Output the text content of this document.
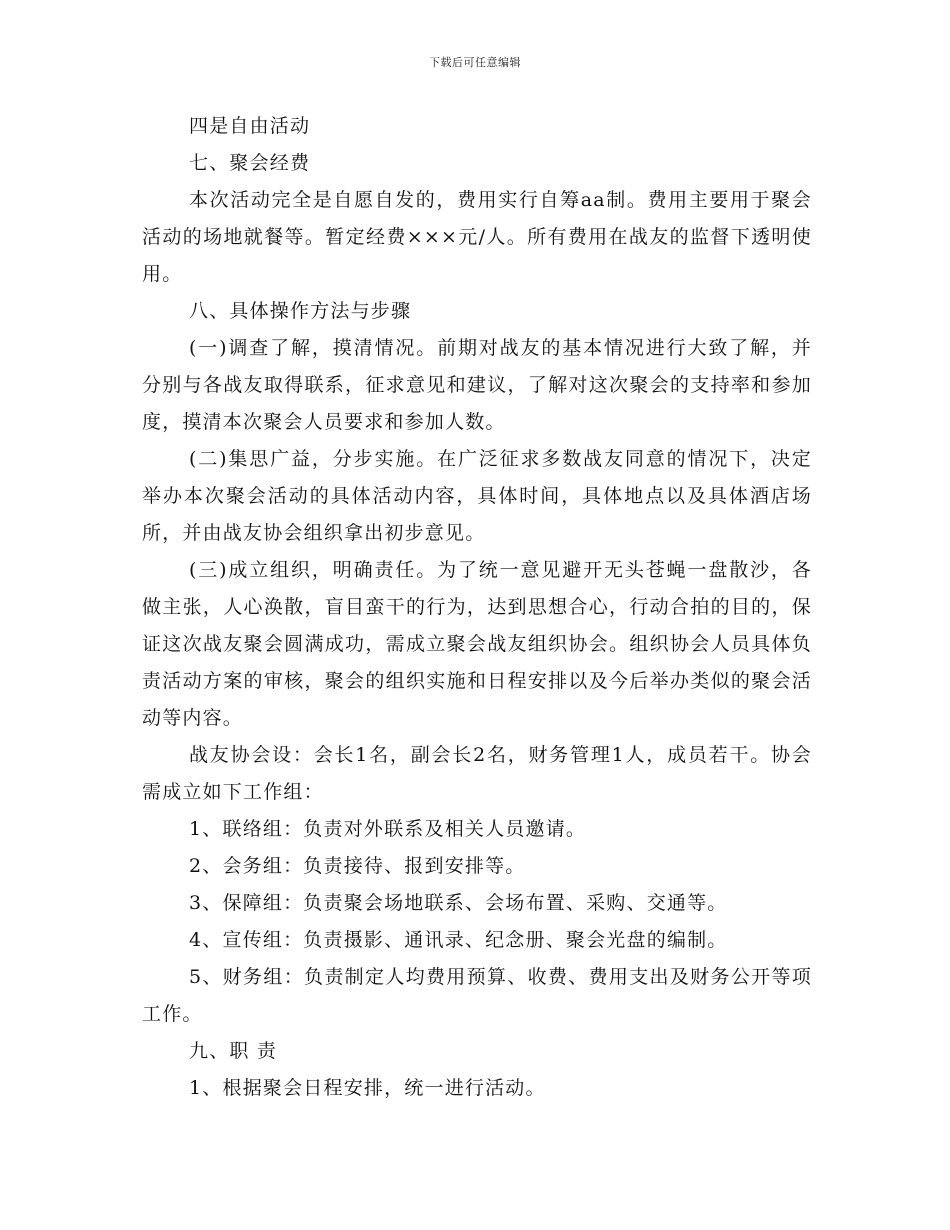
下载后可任意编辑

四是自由活动

七、聚会经费

本次活动完全是自愿自发的，费用实行自筹aa制。费用主要用于聚会活动的场地就餐等。暂定经费×××元/人。所有费用在战友的监督下透明使用。

八、具体操作方法与步骤

(一)调查了解，摸清情况。前期对战友的基本情况进行大致了解，并分别与各战友取得联系，征求意见和建议，了解对这次聚会的支持率和参加度，摸清本次聚会人员要求和参加人数。

(二)集思广益，分步实施。在广泛征求多数战友同意的情况下，决定举办本次聚会活动的具体活动内容，具体时间，具体地点以及具体酒店场所，并由战友协会组织拿出初步意见。

(三)成立组织，明确责任。为了统一意见避开无头苍蝇一盘散沙，各做主张，人心涣散，盲目蛮干的行为，达到思想合心，行动合拍的目的，保证这次战友聚会圆满成功，需成立聚会战友组织协会。组织协会人员具体负责活动方案的审核，聚会的组织实施和日程安排以及今后举办类似的聚会活动等内容。

战友协会设：会长1名，副会长2名，财务管理1人，成员若干。协会需成立如下工作组：

1、联络组：负责对外联系及相关人员邀请。

2、会务组：负责接待、报到安排等。

3、保障组：负责聚会场地联系、会场布置、采购、交通等。

4、宣传组：负责摄影、通讯录、纪念册、聚会光盘的编制。

5、财务组：负责制定人均费用预算、收费、费用支出及财务公开等项工作。

九、职 责

1、根据聚会日程安排，统一进行活动。
